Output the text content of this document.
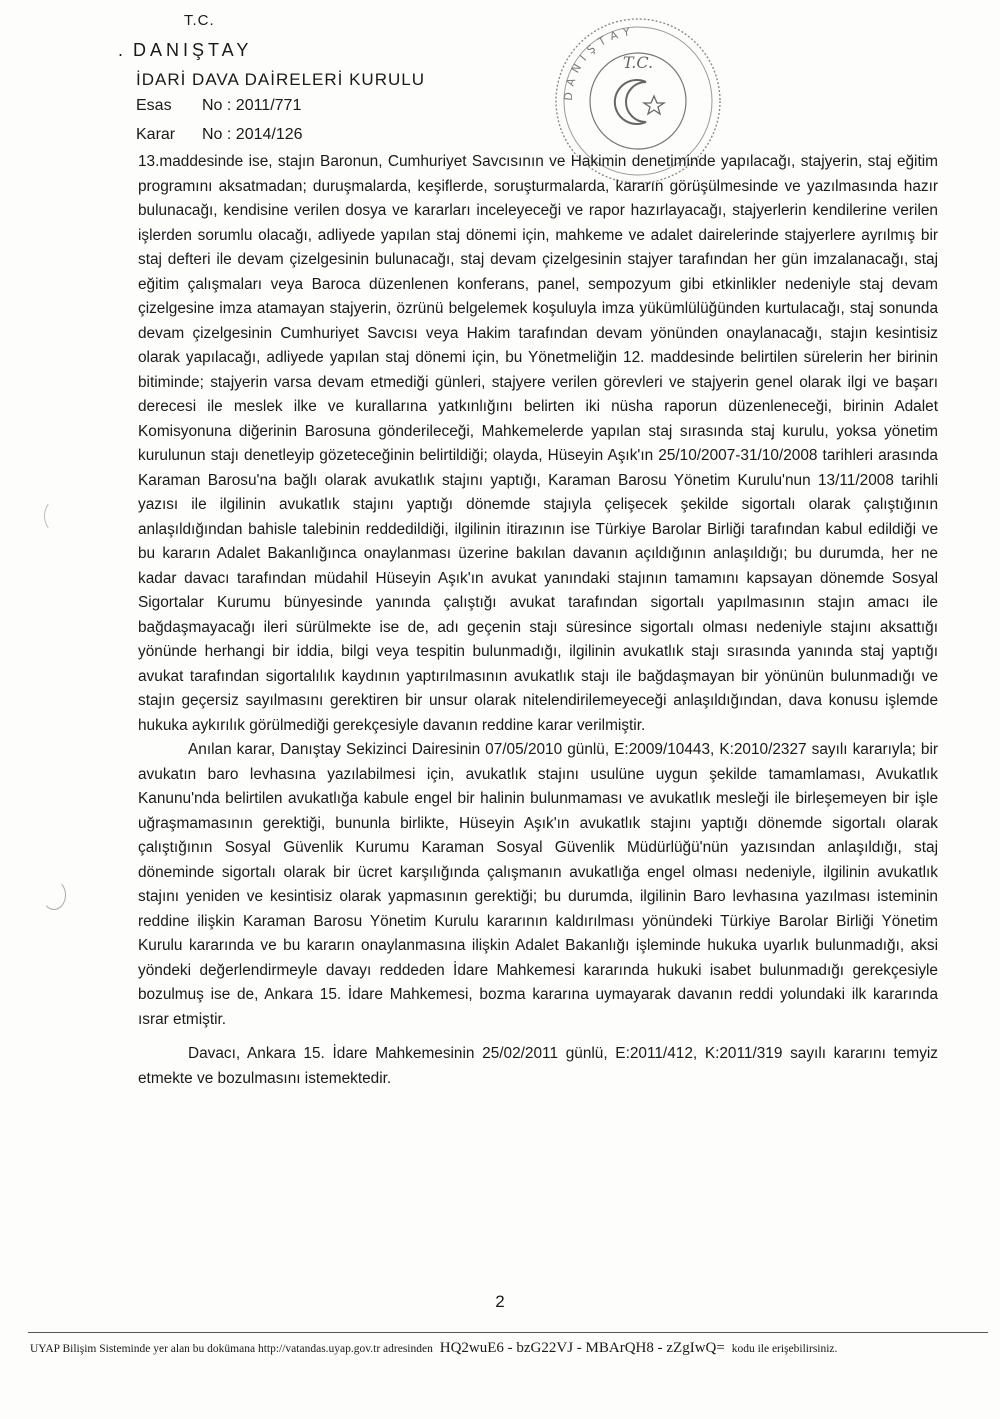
T.C.
. DANIŞTAY
İDARİ DAVA DAİRELERİ KURULU
Esas No : 2011/771
Karar No : 2014/126
DANIŞTAY
T.C.

13.maddesinde ise, stajın Baronun, Cumhuriyet Savcısının ve Hakimin denetiminde yapılacağı, stajyerin, staj eğitim programını aksatmadan; duruşmalarda, keşiflerde, soruşturmalarda, kararın görüşülmesinde ve yazılmasında hazır bulunacağı, kendisine verilen dosya ve kararları inceleyeceği ve rapor hazırlayacağı, stajyerlerin kendilerine verilen işlerden sorumlu olacağı, adliyede yapılan staj dönemi için, mahkeme ve adalet dairelerinde stajyerlere ayrılmış bir staj defteri ile devam çizelgesinin bulunacağı, staj devam çizelgesinin stajyer tarafından her gün imzalanacağı, staj eğitim çalışmaları veya Baroca düzenlenen konferans, panel, sempozyum gibi etkinlikler nedeniyle staj devam çizelgesine imza atamayan stajyerin, özrünü belgelemek koşuluyla imza yükümlülüğünden kurtulacağı, staj sonunda devam çizelgesinin Cumhuriyet Savcısı veya Hakim tarafından devam yönünden onaylanacağı, stajın kesintisiz olarak yapılacağı, adliyede yapılan staj dönemi için, bu Yönetmeliğin 12. maddesinde belirtilen sürelerin her birinin bitiminde; stajyerin varsa devam etmediği günleri, stajyere verilen görevleri ve stajyerin genel olarak ilgi ve başarı derecesi ile meslek ilke ve kurallarına yatkınlığını belirten iki nüsha raporun düzenleneceği, birinin Adalet Komisyonuna diğerinin Barosuna gönderileceği, Mahkemelerde yapılan staj sırasında staj kurulu, yoksa yönetim kurulunun stajı denetleyip gözeteceğinin belirtildiği; olayda, Hüseyin Aşık'ın 25/10/2007-31/10/2008 tarihleri arasında Karaman Barosu'na bağlı olarak avukatlık stajını yaptığı, Karaman Barosu Yönetim Kurulu'nun 13/11/2008 tarihli yazısı ile ilgilinin avukatlık stajını yaptığı dönemde stajıyla çelişecek şekilde sigortalı olarak çalıştığının anlaşıldığından bahisle talebinin reddedildiği, ilgilinin itirazının ise Türkiye Barolar Birliği tarafından kabul edildiği ve bu kararın Adalet Bakanlığınca onaylanması üzerine bakılan davanın açıldığının anlaşıldığı; bu durumda, her ne kadar davacı tarafından müdahil Hüseyin Aşık'ın avukat yanındaki stajının tamamını kapsayan dönemde Sosyal Sigortalar Kurumu bünyesinde yanında çalıştığı avukat tarafından sigortalı yapılmasının stajın amacı ile bağdaşmayacağı ileri sürülmekte ise de, adı geçenin stajı süresince sigortalı olması nedeniyle stajını aksattığı yönünde herhangi bir iddia, bilgi veya tespitin bulunmadığı, ilgilinin avukatlık stajı sırasında yanında staj yaptığı avukat tarafından sigortalılık kaydının yaptırılmasının avukatlık stajı ile bağdaşmayan bir yönünün bulunmadığı ve stajın geçersiz sayılmasını gerektiren bir unsur olarak nitelendirilemeyeceği anlaşıldığından, dava konusu işlemde hukuka aykırılık görülmediği gerekçesiyle davanın reddine karar verilmiştir.

Anılan karar, Danıştay Sekizinci Dairesinin 07/05/2010 günlü, E:2009/10443, K:2010/2327 sayılı kararıyla; bir avukatın baro levhasına yazılabilmesi için, avukatlık stajını usulüne uygun şekilde tamamlaması, Avukatlık Kanunu'nda belirtilen avukatlığa kabule engel bir halinin bulunmaması ve avukatlık mesleği ile birleşemeyen bir işle uğraşmamasının gerektiği, bununla birlikte, Hüseyin Aşık'ın avukatlık stajını yaptığı dönemde sigortalı olarak çalıştığının Sosyal Güvenlik Kurumu Karaman Sosyal Güvenlik Müdürlüğü'nün yazısından anlaşıldığı, staj döneminde sigortalı olarak bir ücret karşılığında çalışmanın avukatlığa engel olması nedeniyle, ilgilinin avukatlık stajını yeniden ve kesintisiz olarak yapmasının gerektiği; bu durumda, ilgilinin Baro levhasına yazılması isteminin reddine ilişkin Karaman Barosu Yönetim Kurulu kararının kaldırılması yönündeki Türkiye Barolar Birliği Yönetim Kurulu kararında ve bu kararın onaylanmasına ilişkin Adalet Bakanlığı işleminde hukuka uyarlık bulunmadığı, aksi yöndeki değerlendirmeyle davayı reddeden İdare Mahkemesi kararında hukuki isabet bulunmadığı gerekçesiyle bozulmuş ise de, Ankara 15. İdare Mahkemesi, bozma kararına uymayarak davanın reddi yolundaki ilk kararında ısrar etmiştir.

Davacı, Ankara 15. İdare Mahkemesinin 25/02/2011 günlü, E:2011/412, K:2011/319 sayılı kararını temyiz etmekte ve bozulmasını istemektedir.

2
UYAP Bilişim Sisteminde yer alan bu dokümana http://vatandas.uyap.gov.tr adresinden HQ2wuE6 - bzG22VJ - MBArQH8 - zZgIwQ= kodu ile erişebilirsiniz.
